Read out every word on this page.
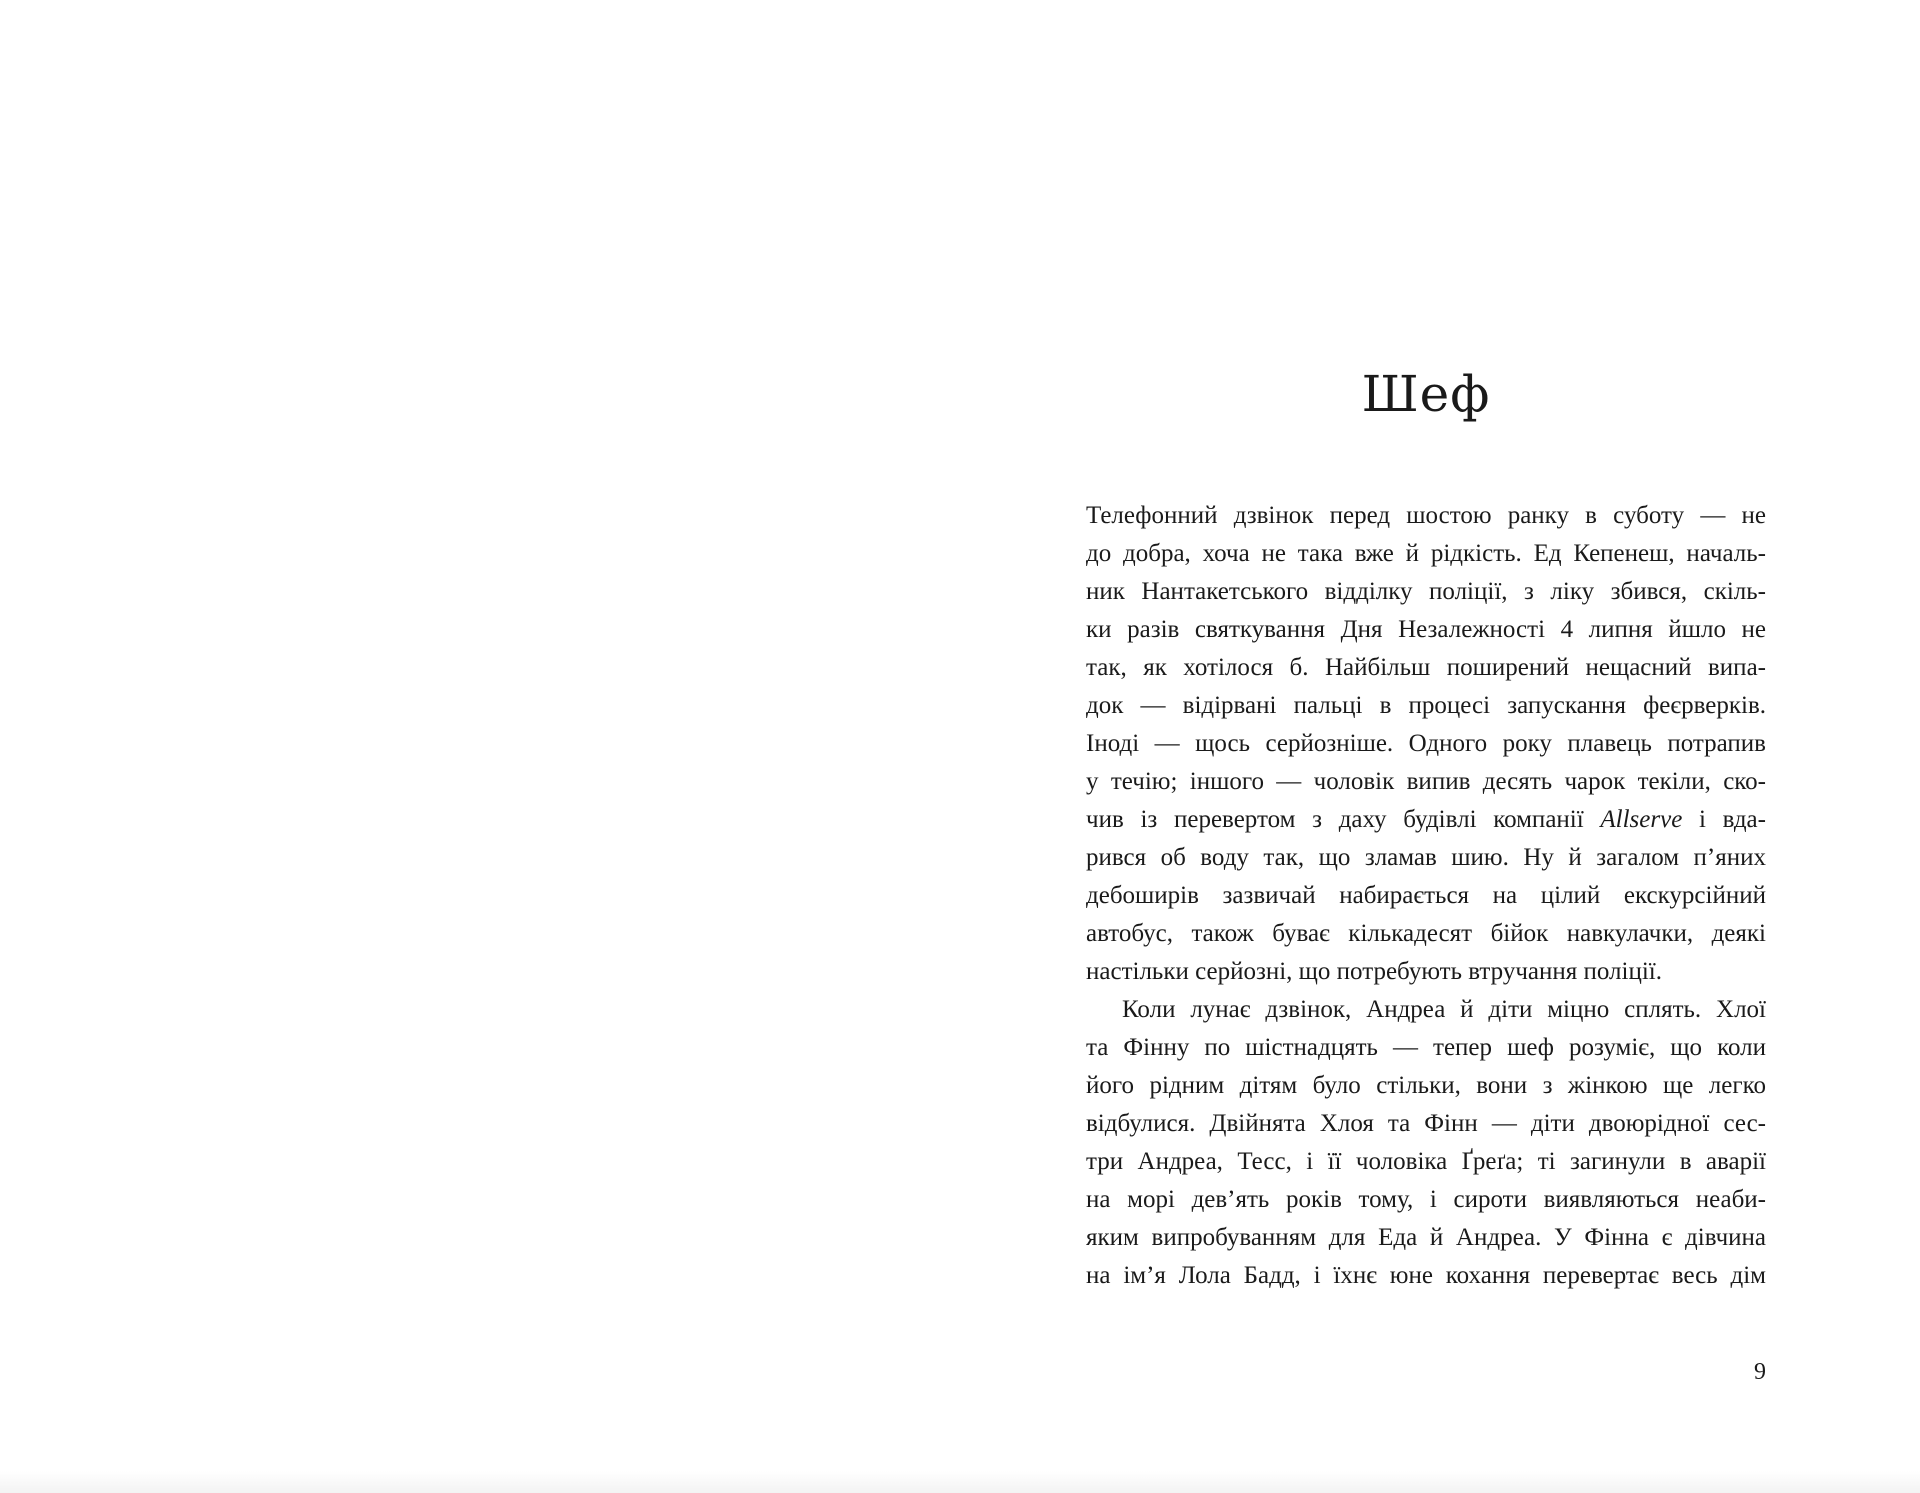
Шеф
Телефонний дзвінок перед шостою ранку в суботу — не
до добра, хоча не така вже й рідкість. Ед Кепенеш, началь-
ник Нантакетського відділку поліції, з ліку збився, скіль-
ки разів святкування Дня Незалежності 4 липня йшло не
так, як хотілося б. Найбільш поширений нещасний випа-
док — відірвані пальці в процесі запускання феєрверків.
Іноді — щось серйозніше. Одного року плавець потрапив
у течію; іншого — чоловік випив десять чарок текіли, ско-
чив із перевертом з даху будівлі компанії Allserve і вда-
рився об воду так, що зламав шию. Ну й загалом п’яних
дебоширів зазвичай набирається на цілий екскурсійний
автобус, також буває кількадесят бійок навкулачки, деякі
настільки серйозні, що потребують втручання поліції.
Коли лунає дзвінок, Андреа й діти міцно сплять. Хлої
та Фінну по шістнадцять — тепер шеф розуміє, що коли
його рідним дітям було стільки, вони з жінкою ще легко
відбулися. Двійнята Хлоя та Фінн — діти двоюрідної сес-
три Андреа, Тесс, і її чоловіка Ґреґа; ті загинули в аварії
на морі дев’ять років тому, і сироти виявляються неаби-
яким випробуванням для Еда й Андреа. У Фінна є дівчина
на ім’я Лола Бадд, і їхнє юне кохання перевертає весь дім

9
